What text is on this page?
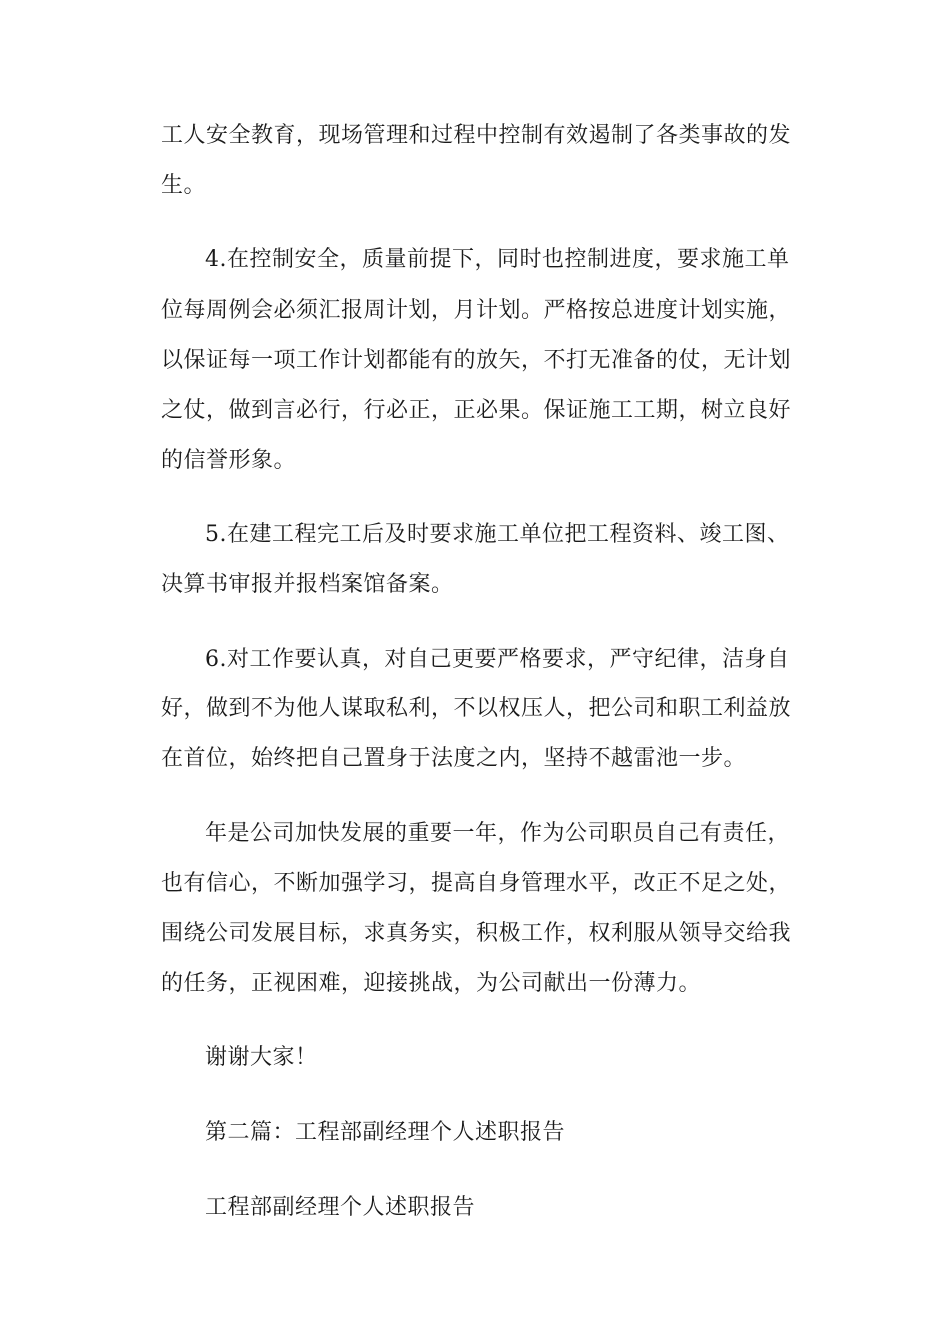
工人安全教育，现场管理和过程中控制有效遏制了各类事故的发

生。

4.在控制安全，质量前提下，同时也控制进度，要求施工单

位每周例会必须汇报周计划，月计划。严格按总进度计划实施，

以保证每一项工作计划都能有的放矢，不打无准备的仗，无计划

之仗，做到言必行，行必正，正必果。保证施工工期，树立良好

的信誉形象。

5.在建工程完工后及时要求施工单位把工程资料、竣工图、

决算书审报并报档案馆备案。

6.对工作要认真，对自己更要严格要求，严守纪律，洁身自

好，做到不为他人谋取私利，不以权压人，把公司和职工利益放

在首位，始终把自己置身于法度之内，坚持不越雷池一步。

年是公司加快发展的重要一年，作为公司职员自己有责任，

也有信心，不断加强学习，提高自身管理水平，改正不足之处，

围绕公司发展目标，求真务实，积极工作，权利服从领导交给我

的任务，正视困难，迎接挑战，为公司献出一份薄力。

谢谢大家！

第二篇：工程部副经理个人述职报告

工程部副经理个人述职报告
